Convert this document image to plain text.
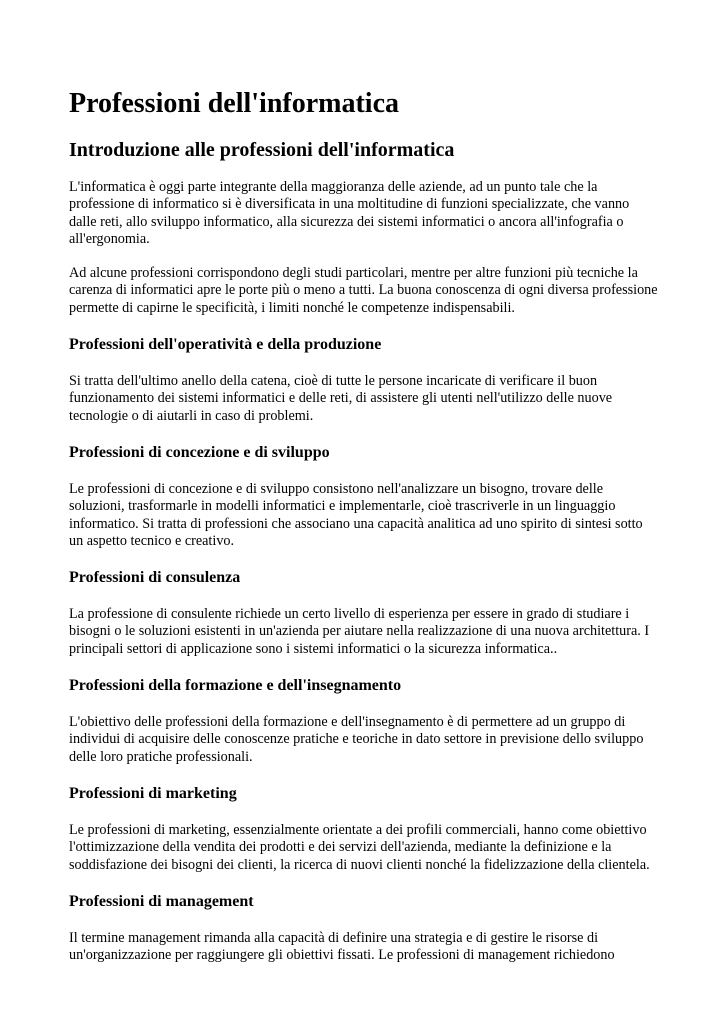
Professioni dell'informatica
Introduzione alle professioni dell'informatica

L'informatica è oggi parte integrante della maggioranza delle aziende, ad un punto tale che la professione di informatico si è diversificata in una moltitudine di funzioni specializzate, che vanno dalle reti, allo sviluppo informatico, alla sicurezza dei sistemi informatici o ancora all'infografia o all'ergonomia.

Ad alcune professioni corrispondono degli studi particolari, mentre per altre funzioni più tecniche la carenza di informatici apre le porte più o meno a tutti. La buona conoscenza di ogni diversa professione permette di capirne le specificità, i limiti nonché le competenze indispensabili.

Professioni dell'operatività e della produzione

Si tratta dell'ultimo anello della catena, cioè di tutte le persone incaricate di verificare il buon funzionamento dei sistemi informatici e delle reti, di assistere gli utenti nell'utilizzo delle nuove tecnologie o di aiutarli in caso di problemi.

Professioni di concezione e di sviluppo

Le professioni di concezione e di sviluppo consistono nell'analizzare un bisogno, trovare delle soluzioni, trasformarle in modelli informatici e implementarle, cioè trascriverle in un linguaggio informatico. Si tratta di professioni che associano una capacità analitica ad uno spirito di sintesi sotto un aspetto tecnico e creativo.

Professioni di consulenza

La professione di consulente richiede un certo livello di esperienza per essere in grado di studiare i bisogni o le soluzioni esistenti in un'azienda per aiutare nella realizzazione di una nuova architettura. I principali settori di applicazione sono i sistemi informatici o la sicurezza informatica..

Professioni della formazione e dell'insegnamento

L'obiettivo delle professioni della formazione e dell'insegnamento è di permettere ad un gruppo di individui di acquisire delle conoscenze pratiche e teoriche in dato settore in previsione dello sviluppo delle loro pratiche professionali.

Professioni di marketing

Le professioni di marketing, essenzialmente orientate a dei profili commerciali, hanno come obiettivo l'ottimizzazione della vendita dei prodotti e dei servizi dell'azienda, mediante la definizione e la soddisfazione dei bisogni dei clienti, la ricerca di nuovi clienti nonché la fidelizzazione della clientela.

Professioni di management

Il termine management rimanda alla capacità di definire una strategia e di gestire le risorse di un'organizzazione per raggiungere gli obiettivi fissati. Le professioni di management richiedono
